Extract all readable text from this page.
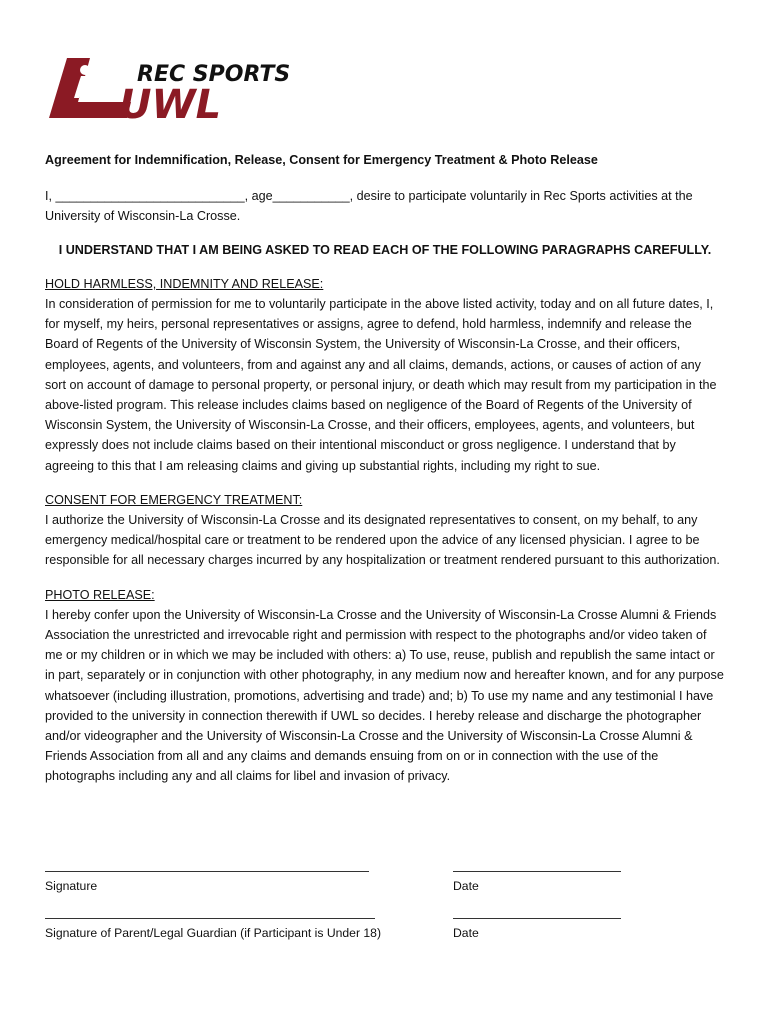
REC SPORTS
UWL

Agreement for Indemnification, Release, Consent for Emergency Treatment & Photo Release

I, ___________________________, age___________, desire to participate voluntarily in Rec Sports activities at the University of Wisconsin-La Crosse.

I UNDERSTAND THAT I AM BEING ASKED TO READ EACH OF THE FOLLOWING PARAGRAPHS CAREFULLY.

HOLD HARMLESS, INDEMNITY AND RELEASE:

In consideration of permission for me to voluntarily participate in the above listed activity, today and on all future dates, I, for myself, my heirs, personal representatives or assigns, agree to defend, hold harmless, indemnify and release the Board of Regents of the University of Wisconsin System, the University of Wisconsin-La Crosse, and their officers, employees, agents, and volunteers, from and against any and all claims, demands, actions, or causes of action of any sort on account of damage to personal property, or personal injury, or death which may result from my participation in the above-listed program. This release includes claims based on negligence of the Board of Regents of the University of Wisconsin System, the University of Wisconsin-La Crosse, and their officers, employees, agents, and volunteers, but expressly does not include claims based on their intentional misconduct or gross negligence. I understand that by agreeing to this that I am releasing claims and giving up substantial rights, including my right to sue.

CONSENT FOR EMERGENCY TREATMENT:

I authorize the University of Wisconsin-La Crosse and its designated representatives to consent, on my behalf, to any emergency medical/hospital care or treatment to be rendered upon the advice of any licensed physician. I agree to be responsible for all necessary charges incurred by any hospitalization or treatment rendered pursuant to this authorization.

PHOTO RELEASE:

I hereby confer upon the University of Wisconsin-La Crosse and the University of Wisconsin-La Crosse Alumni & Friends Association the unrestricted and irrevocable right and permission with respect to the photographs and/or video taken of me or my children or in which we may be included with others: a) To use, reuse, publish and republish the same intact or in part, separately or in conjunction with other photography, in any medium now and hereafter known, and for any purpose whatsoever (including illustration, promotions, advertising and trade) and; b) To use my name and any testimonial I have provided to the university in connection therewith if UWL so decides. I hereby release and discharge the photographer and/or videographer and the University of Wisconsin-La Crosse and the University of Wisconsin-La Crosse Alumni & Friends Association from all and any claims and demands ensuing from on or in connection with the use of the photographs including any and all claims for libel and invasion of privacy.

Signature	Date
Signature of Parent/Legal Guardian (if Participant is Under 18)	Date
